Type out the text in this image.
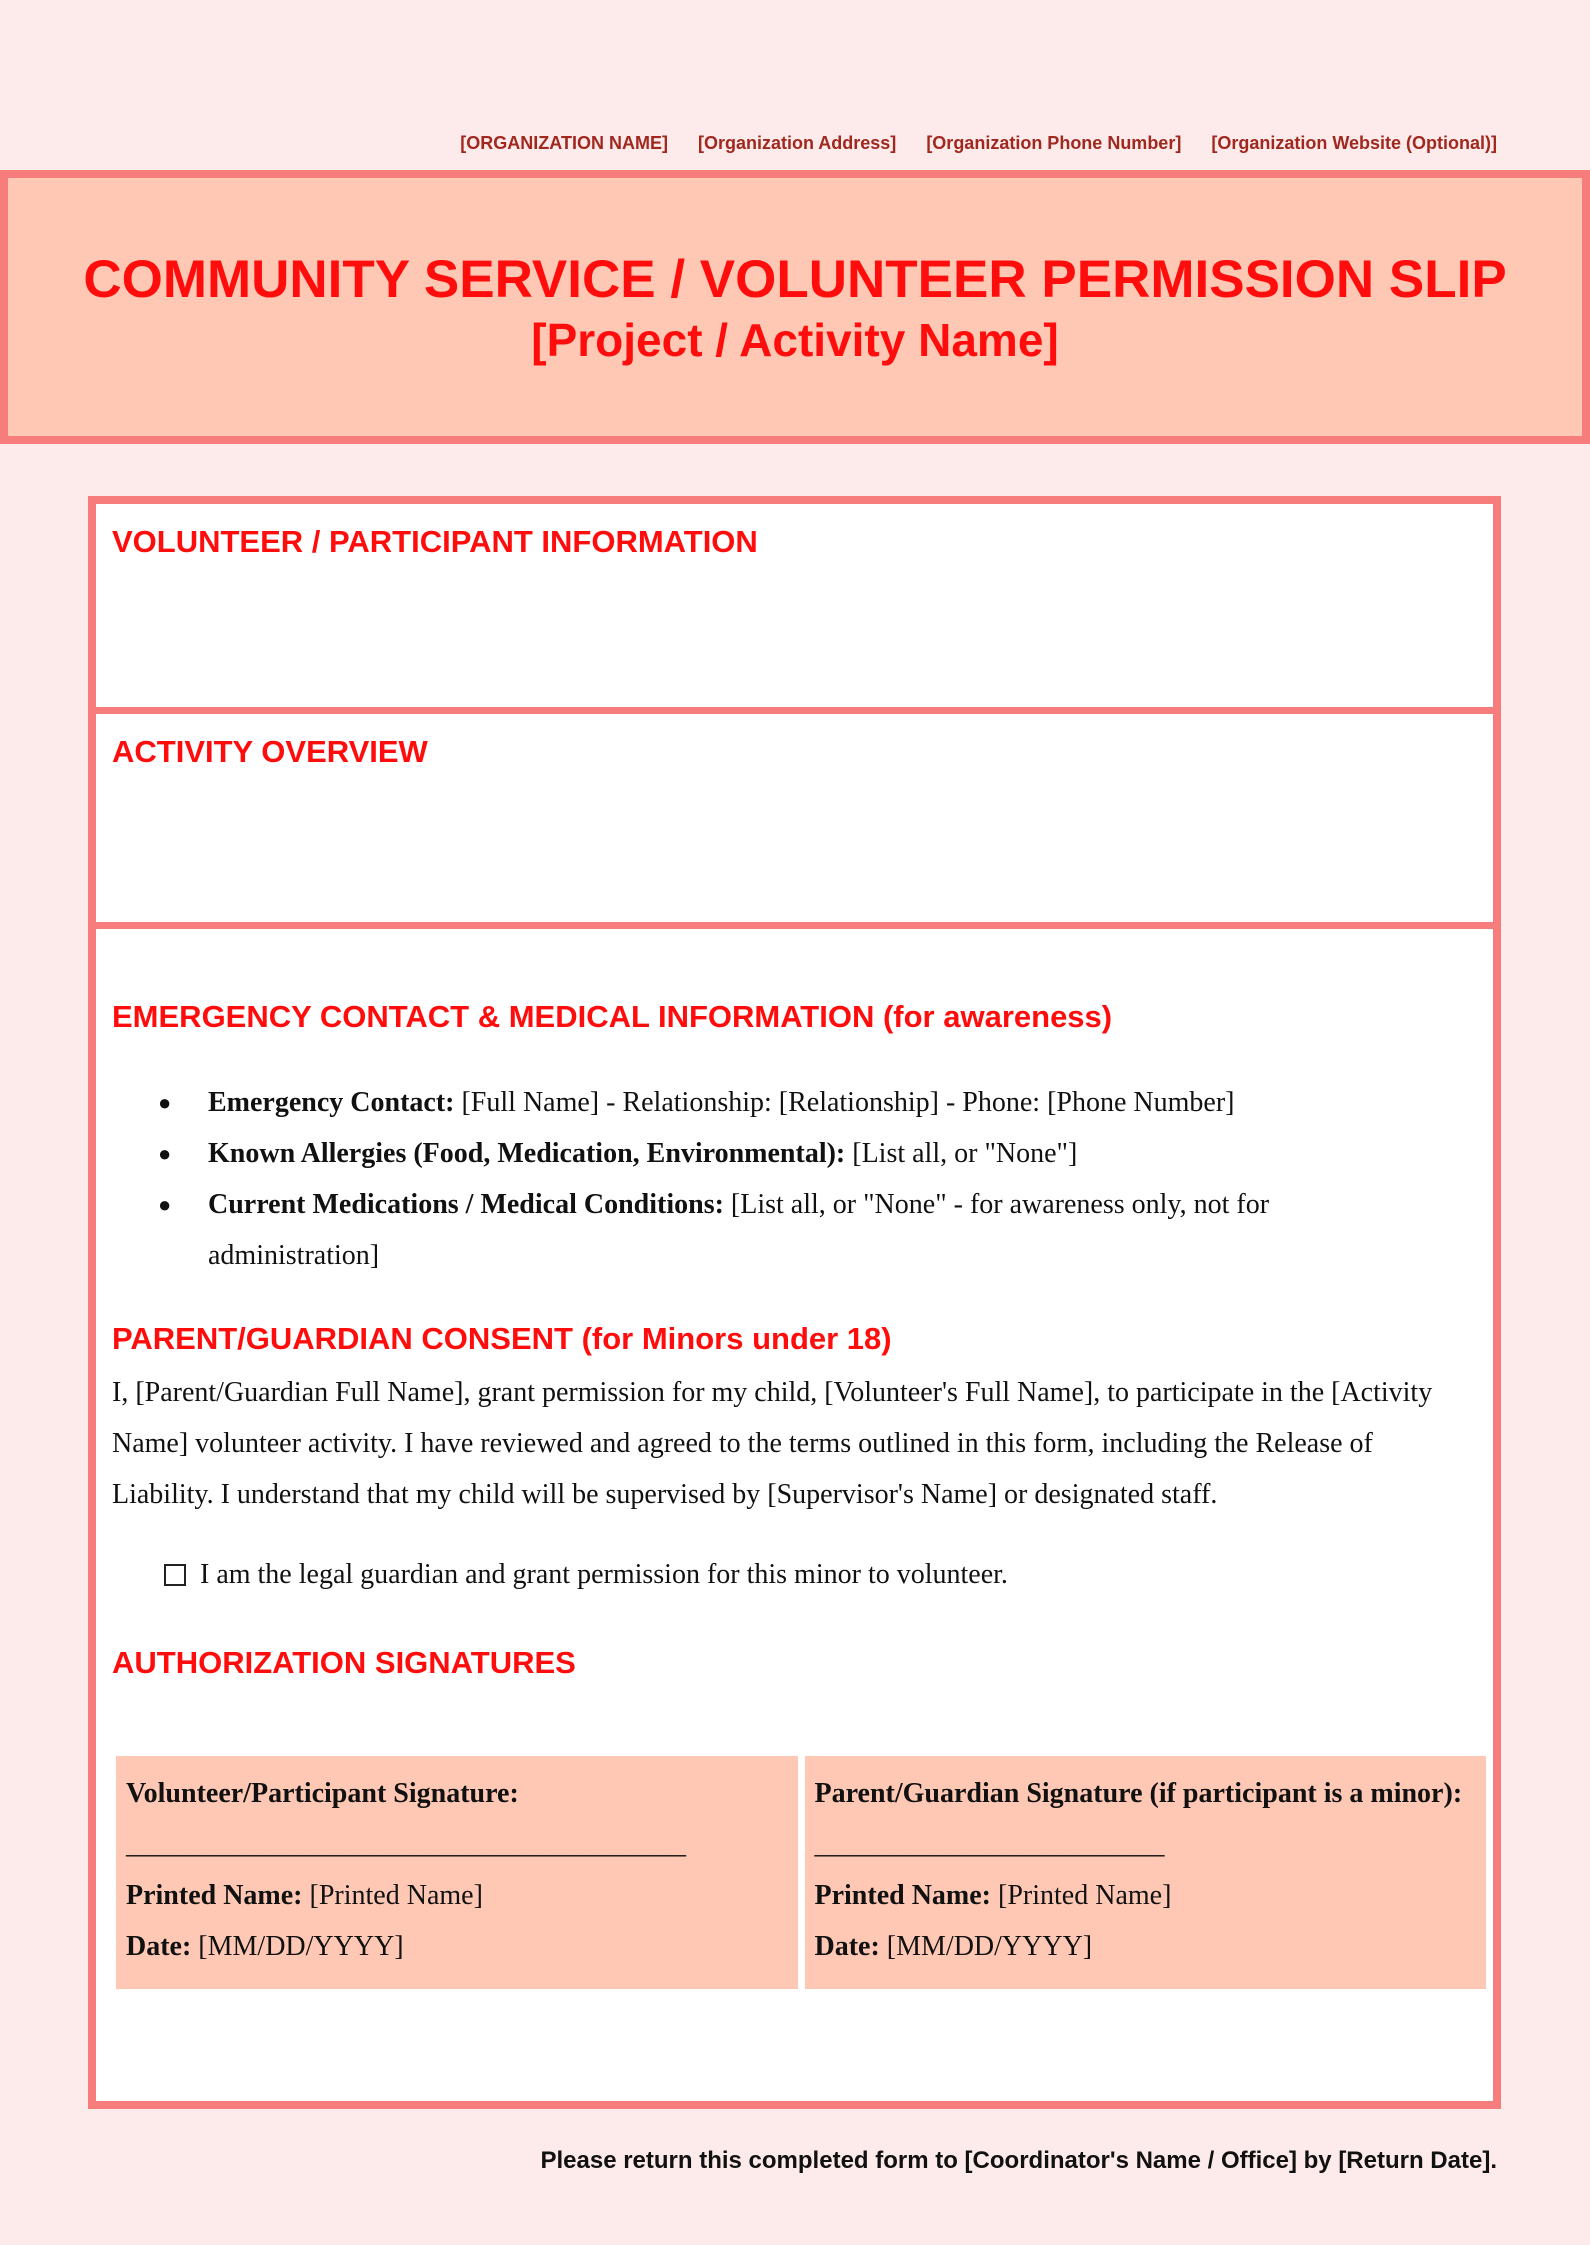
[ORGANIZATION NAME] [Organization Address] [Organization Phone Number] [Organization Website (Optional)]
COMMUNITY SERVICE / VOLUNTEER PERMISSION SLIP
[Project / Activity Name]
VOLUNTEER / PARTICIPANT INFORMATION
ACTIVITY OVERVIEW
EMERGENCY CONTACT & MEDICAL INFORMATION (for awareness)
● Emergency Contact: [Full Name] - Relationship: [Relationship] - Phone: [Phone Number]
● Known Allergies (Food, Medication, Environmental): [List all, or "None"]
● Current Medications / Medical Conditions: [List all, or "None" - for awareness only, not for administration]
PARENT/GUARDIAN CONSENT (for Minors under 18)

I, [Parent/Guardian Full Name], grant permission for my child, [Volunteer's Full Name], to participate in the [Activity Name] volunteer activity. I have reviewed and agreed to the terms outlined in this form, including the Release of Liability. I understand that my child will be supervised by [Supervisor's Name] or designated staff.

I am the legal guardian and grant permission for this minor to volunteer.
AUTHORIZATION SIGNATURES
Volunteer/Participant Signature:
________________________________________
Printed Name: [Printed Name]
Date: [MM/DD/YYYY]
Parent/Guardian Signature (if participant is a minor): _________________________
Printed Name: [Printed Name]
Date: [MM/DD/YYYY]
Please return this completed form to [Coordinator's Name / Office] by [Return Date].
